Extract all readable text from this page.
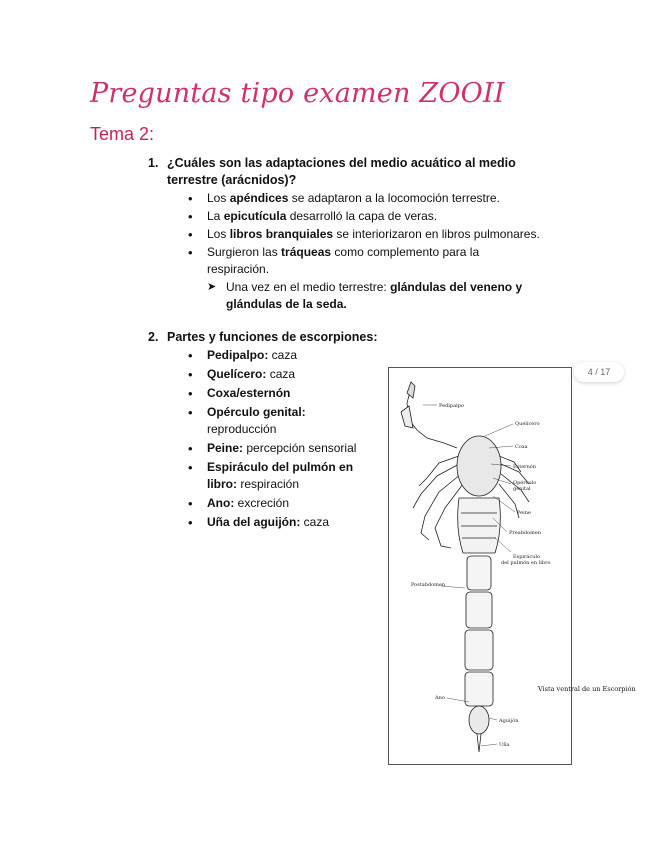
Preguntas tipo examen ZOOII
Tema 2:
1. ¿Cuáles son las adaptaciones del medio acuático al medio
terrestre (arácnidos)?
• Los apéndices se adaptaron a la locomoción terrestre.
• La epicutícula desarrolló la capa de veras.
• Los libros branquiales se interiorizaron en libros pulmonares.
• Surgieron las tráqueas como complemento para la
respiración.
➤ Una vez en el medio terrestre: glándulas del veneno y
glándulas de la seda.
2. Partes y funciones de escorpiones:
• Pedipalpo: caza
• Quelícero: caza
• Coxa/esternón
• Opérculo genital:
reproducción
• Peine: percepción sensorial
• Espiráculo del pulmón en
libro: respiración
• Ano: excreción
• Uña del aguijón: caza
4 / 17
Pedipalpo
Quelícero
Coxa
Esternón
Opérculo
genital
Peine
Preabdomen
Espiráculo
del pulmón en libro
Postabdomen
Ano
Aguijón
Uña
Vista ventral de un Escorpión
